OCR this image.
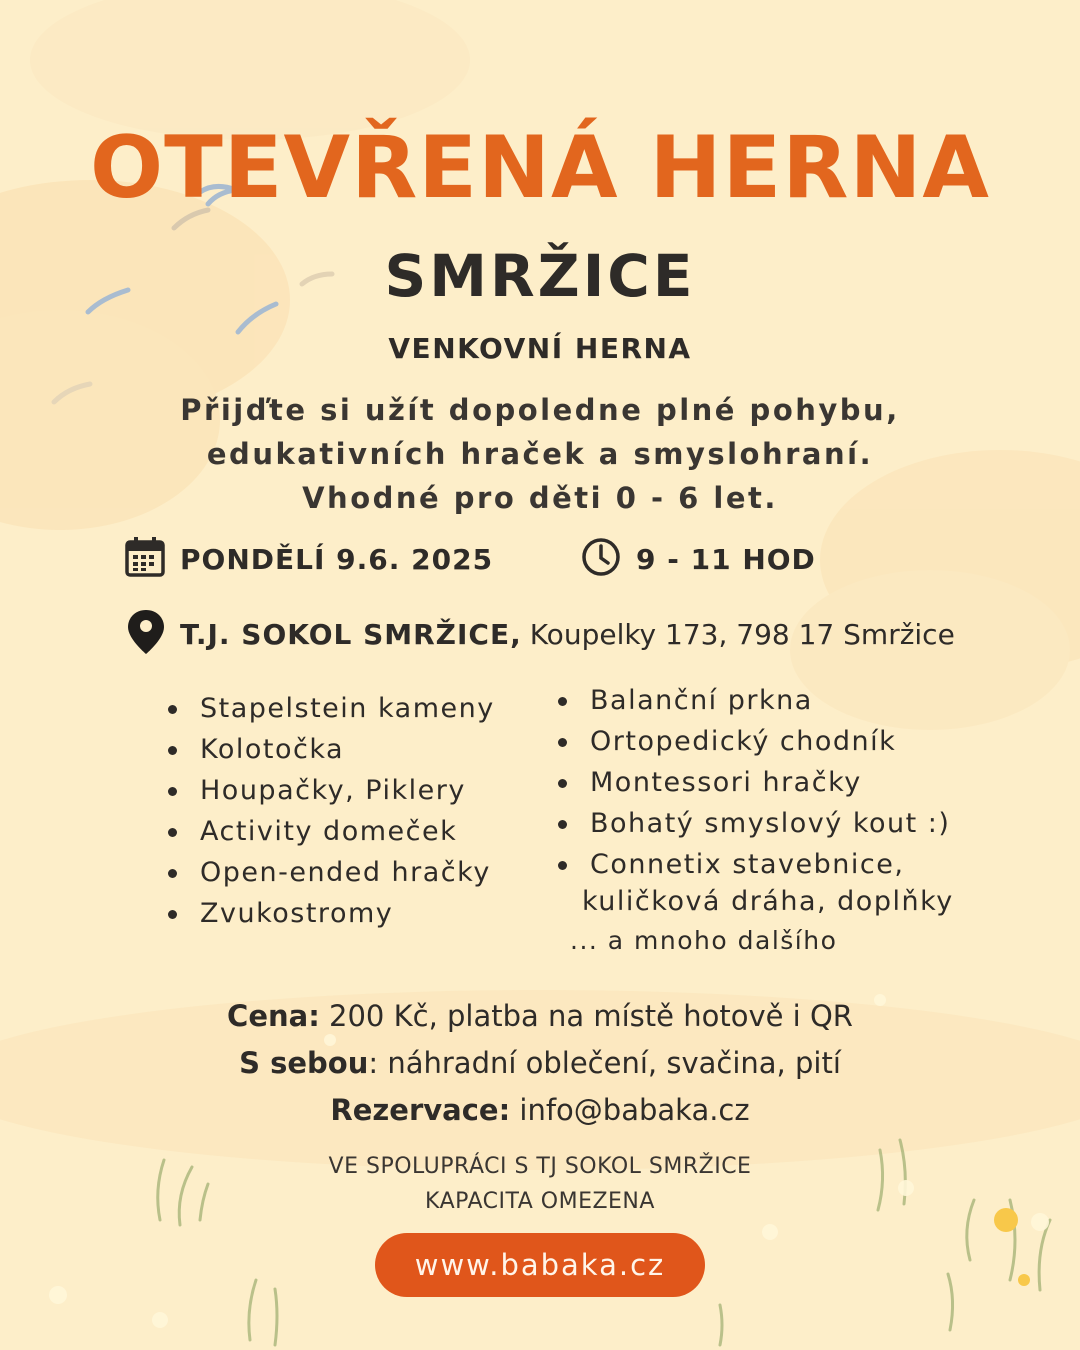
OTEVŘENÁ HERNA
SMRŽICE
VENKOVNÍ HERNA
Přijďte si užít dopoledne plné pohybu,
edukativních hraček a smyslohraní.
Vhodné pro děti 0 - 6 let.
PONDĚLÍ 9.6. 2025	9 - 11 HOD
T.J. SOKOL SMRŽICE, Koupelky 173, 798 17 Smržice
Stapelstein kameny
Kolotočka
Houpačky, Piklery
Activity domeček
Open-ended hračky
Zvukostromy
Balanční prkna
Ortopedický chodník
Montessori hračky
Bohatý smyslový kout :)
Connetix stavebnice,
kuličková dráha, doplňky
... a mnoho dalšího
Cena: 200 Kč, platba na místě hotově i QR
S sebou: náhradní oblečení, svačina, pití
Rezervace: info@babaka.cz
VE SPOLUPRÁCI S TJ SOKOL SMRŽICE
KAPACITA OMEZENA
www.babaka.cz
